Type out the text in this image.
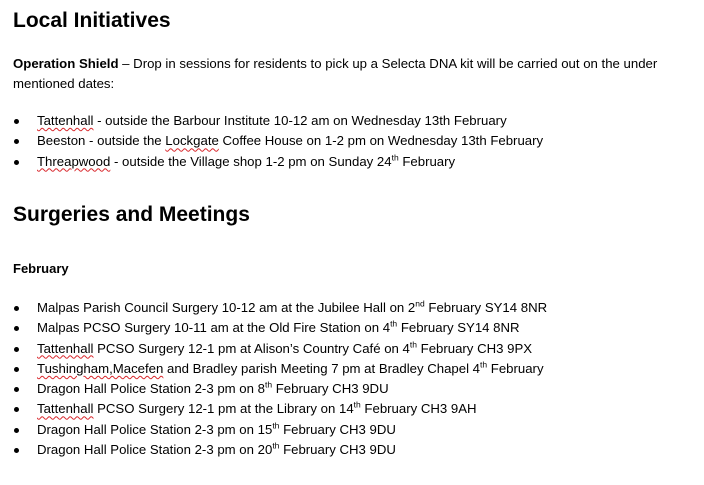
Local Initiatives

Operation Shield – Drop in sessions for residents to pick up a Selecta DNA kit will be carried out on the under mentioned dates:

Tattenhall - outside the Barbour Institute 10-12 am on Wednesday 13th February
Beeston - outside the Lockgate Coffee House on 1-2 pm on Wednesday 13th February
Threapwood - outside the Village shop 1-2 pm on Sunday 24th February
Surgeries and Meetings

February

Malpas Parish Council Surgery 10-12 am at the Jubilee Hall on 2nd February SY14 8NR
Malpas PCSO Surgery 10-11 am at the Old Fire Station on 4th February SY14 8NR
Tattenhall PCSO Surgery 12-1 pm at Alison’s Country Café on 4th February CH3 9PX
Tushingham,Macefen and Bradley parish Meeting 7 pm at Bradley Chapel 4th February
Dragon Hall Police Station 2-3 pm on 8th February CH3 9DU
Tattenhall PCSO Surgery 12-1 pm at the Library on 14th February CH3 9AH
Dragon Hall Police Station 2-3 pm on 15th February CH3 9DU
Dragon Hall Police Station 2-3 pm on 20th February CH3 9DU
